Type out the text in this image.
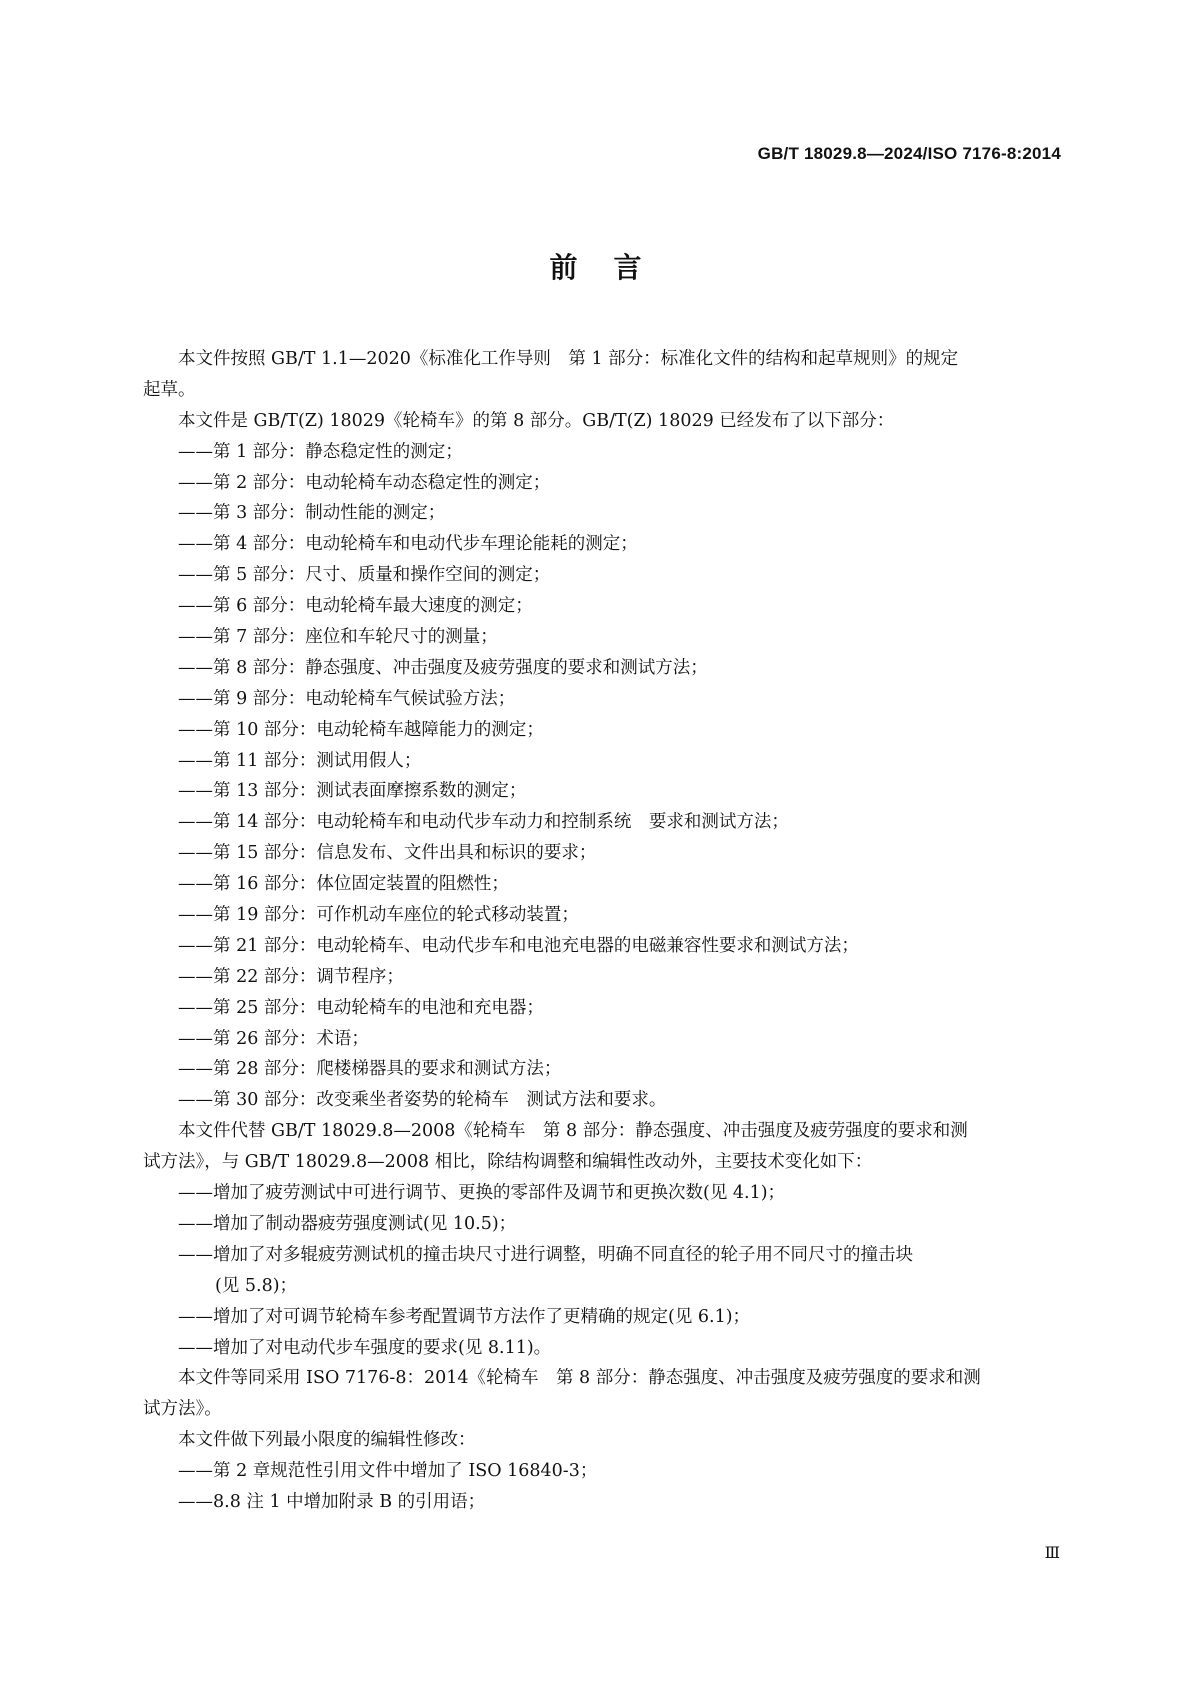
GB/T 18029.8—2024/ISO 7176-8:2014
前言
本文件按照 GB/T 1.1—2020《标准化工作导则　第 1 部分：标准化文件的结构和起草规则》的规定
起草。
本文件是 GB/T(Z) 18029《轮椅车》的第 8 部分。GB/T(Z) 18029 已经发布了以下部分：
——第 1 部分：静态稳定性的测定；
——第 2 部分：电动轮椅车动态稳定性的测定；
——第 3 部分：制动性能的测定；
——第 4 部分：电动轮椅车和电动代步车理论能耗的测定；
——第 5 部分：尺寸、质量和操作空间的测定；
——第 6 部分：电动轮椅车最大速度的测定；
——第 7 部分：座位和车轮尺寸的测量；
——第 8 部分：静态强度、冲击强度及疲劳强度的要求和测试方法；
——第 9 部分：电动轮椅车气候试验方法；
——第 10 部分：电动轮椅车越障能力的测定；
——第 11 部分：测试用假人；
——第 13 部分：测试表面摩擦系数的测定；
——第 14 部分：电动轮椅车和电动代步车动力和控制系统　要求和测试方法；
——第 15 部分：信息发布、文件出具和标识的要求；
——第 16 部分：体位固定装置的阻燃性；
——第 19 部分：可作机动车座位的轮式移动装置；
——第 21 部分：电动轮椅车、电动代步车和电池充电器的电磁兼容性要求和测试方法；
——第 22 部分：调节程序；
——第 25 部分：电动轮椅车的电池和充电器；
——第 26 部分：术语；
——第 28 部分：爬楼梯器具的要求和测试方法；
——第 30 部分：改变乘坐者姿势的轮椅车　测试方法和要求。
本文件代替 GB/T 18029.8—2008《轮椅车　第 8 部分：静态强度、冲击强度及疲劳强度的要求和测
试方法》，与 GB/T 18029.8—2008 相比，除结构调整和编辑性改动外，主要技术变化如下：
——增加了疲劳测试中可进行调节、更换的零部件及调节和更换次数(见 4.1)；
——增加了制动器疲劳强度测试(见 10.5)；
——增加了对多辊疲劳测试机的撞击块尺寸进行调整，明确不同直径的轮子用不同尺寸的撞击块
(见 5.8)；
——增加了对可调节轮椅车参考配置调节方法作了更精确的规定(见 6.1)；
——增加了对电动代步车强度的要求(见 8.11)。
本文件等同采用 ISO 7176-8：2014《轮椅车　第 8 部分：静态强度、冲击强度及疲劳强度的要求和测
试方法》。
本文件做下列最小限度的编辑性修改：
——第 2 章规范性引用文件中增加了 ISO 16840-3；
——8.8 注 1 中增加附录 B 的引用语；
Ⅲ
